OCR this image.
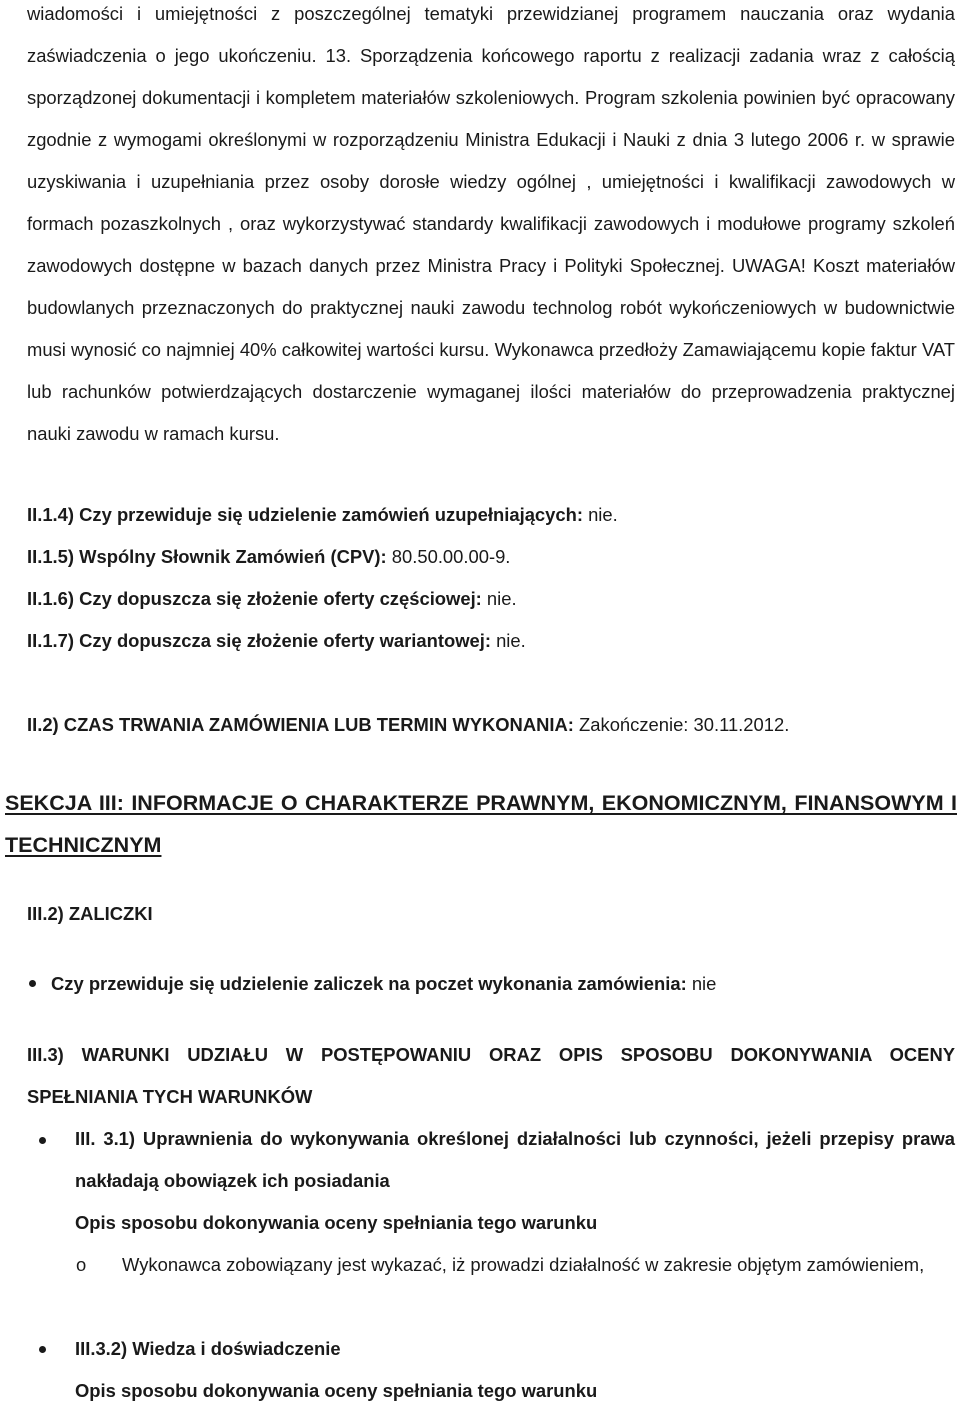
wiadomości i umiejętności z poszczególnej tematyki przewidzianej programem nauczania oraz wydania zaświadczenia o jego ukończeniu. 13. Sporządzenia końcowego raportu z realizacji zadania wraz z całością sporządzonej dokumentacji i kompletem materiałów szkoleniowych. Program szkolenia powinien być opracowany zgodnie z wymogami określonymi w rozporządzeniu Ministra Edukacji i Nauki z dnia 3 lutego 2006 r. w sprawie uzyskiwania i uzupełniania przez osoby dorosłe wiedzy ogólnej , umiejętności i kwalifikacji zawodowych w formach pozaszkolnych , oraz wykorzystywać standardy kwalifikacji zawodowych i modułowe programy szkoleń zawodowych dostępne w bazach danych przez Ministra Pracy i Polityki Społecznej. UWAGA! Koszt materiałów budowlanych przeznaczonych do praktycznej nauki zawodu technolog robót wykończeniowych w budownictwie musi wynosić co najmniej 40% całkowitej wartości kursu. Wykonawca przedłoży Zamawiającemu kopie faktur VAT lub rachunków potwierdzających dostarczenie wymaganej ilości materiałów do przeprowadzenia praktycznej nauki zawodu w ramach kursu.

II.1.4) Czy przewiduje się udzielenie zamówień uzupełniających: nie.

II.1.5) Wspólny Słownik Zamówień (CPV): 80.50.00.00-9.

II.1.6) Czy dopuszcza się złożenie oferty częściowej: nie.

II.1.7) Czy dopuszcza się złożenie oferty wariantowej: nie.

II.2) CZAS TRWANIA ZAMÓWIENIA LUB TERMIN WYKONANIA: Zakończenie: 30.11.2012.

SEKCJA III: INFORMACJE O CHARAKTERZE PRAWNYM, EKONOMICZNYM, FINANSOWYM I TECHNICZNYM

III.2) ZALICZKI

Czy przewiduje się udzielenie zaliczek na poczet wykonania zamówienia: nie

III.3) WARUNKI UDZIAŁU W POSTĘPOWANIU ORAZ OPIS SPOSOBU DOKONYWANIA OCENY SPEŁNIANIA TYCH WARUNKÓW

III. 3.1) Uprawnienia do wykonywania określonej działalności lub czynności, jeżeli przepisy prawa nakładają obowiązek ich posiadania

Opis sposobu dokonywania oceny spełniania tego warunku

o Wykonawca zobowiązany jest wykazać, iż prowadzi działalność w zakresie objętym zamówieniem,

III.3.2) Wiedza i doświadczenie

Opis sposobu dokonywania oceny spełniania tego warunku
